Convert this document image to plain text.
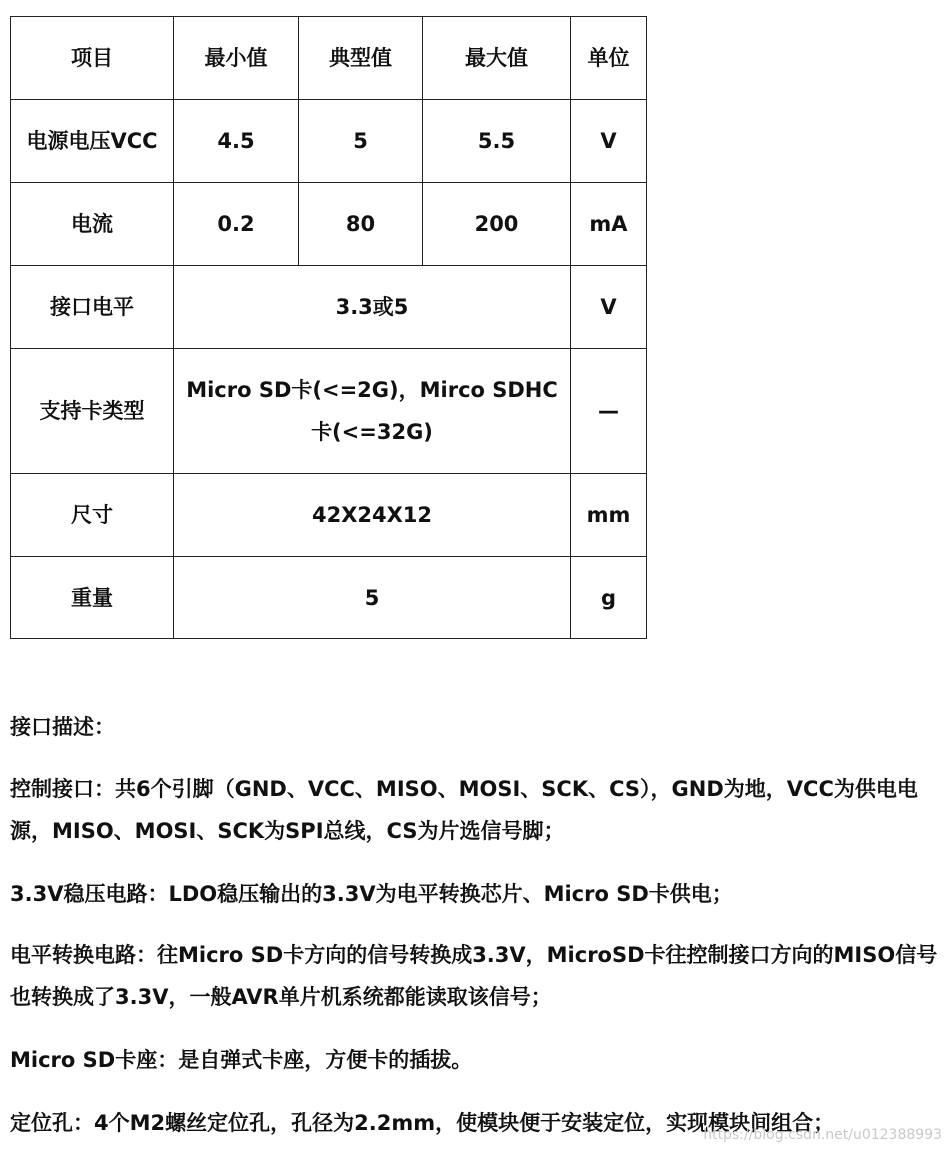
项目	最小值	典型值	最大值	单位
电源电压VCC	4.5	5	5.5	V
电流	0.2	80	200	mA
接口电平	3.3或5			V
支持卡类型	Micro SD卡(<=2G)，Mirco SDHC卡(<=32G)			—
尺寸	42X24X12			mm
重量	5			g

接口描述：

控制接口：共6个引脚（GND、VCC、MISO、MOSI、SCK、CS），GND为地，VCC为供电电源，MISO、MOSI、SCK为SPI总线，CS为片选信号脚；

3.3V稳压电路：LDO稳压输出的3.3V为电平转换芯片、Micro SD卡供电；

电平转换电路：往Micro SD卡方向的信号转换成3.3V，MicroSD卡往控制接口方向的MISO信号也转换成了3.3V，一般AVR单片机系统都能读取该信号；

Micro SD卡座：是自弹式卡座，方便卡的插拔。

定位孔：4个M2螺丝定位孔，孔径为2.2mm，使模块便于安装定位，实现模块间组合；

https://blog.csdn.net/u012388993
